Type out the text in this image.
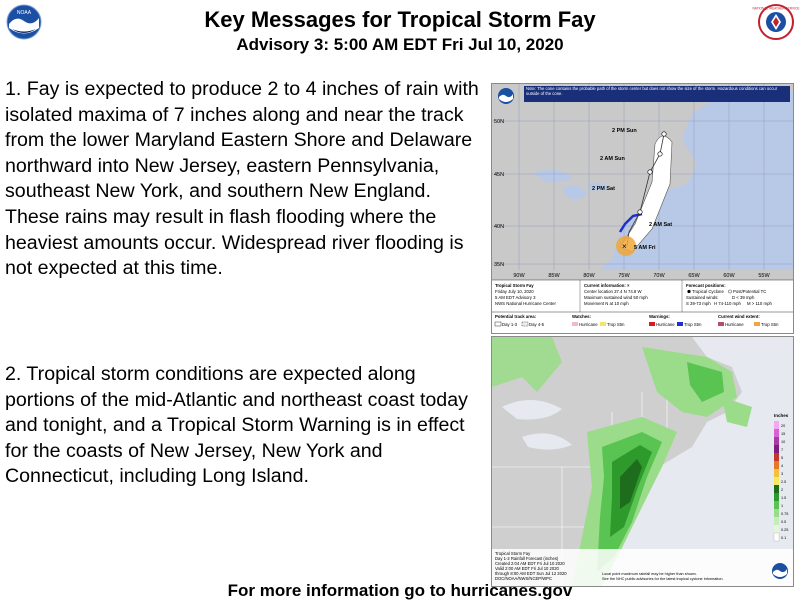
NOAA
NATIONAL WEATHER SERVICE
Key Messages for Tropical Storm Fay
Advisory 3: 5:00 AM EDT Fri Jul 10, 2020
1. Fay is expected to produce 2 to 4 inches of rain with isolated maxima of 7 inches along and near the track from the lower Maryland Eastern Shore and Delaware northward into New Jersey, eastern Pennsylvania, southeast New York, and southern New England. These rains may result in flash flooding where the heaviest amounts occur. Widespread river flooding is not expected at this time.
2. Tropical storm conditions are expected along portions of the mid-Atlantic and northeast coast today and tonight, and a Tropical Storm Warning is in effect for the coasts of New Jersey, New York and Connecticut, including Long Island.
Note: The cone contains the probable path of the storm center but does not show the size of the storm. Hazardous conditions can occur outside of the cone.
×
2 PM Sun
2 AM Sun
2 PM Sat
2 AM Sat
5 AM Fri
50N
45N
40N
35N
90W	85W	80W	75W	70W	65W	60W	55W
Tropical Storm Fay
Friday July 10, 2020
5 AM EDT Advisory 3
NWS National Hurricane Center
Current information: ×
Center location 37.4 N 74.8 W
Maximum sustained wind 50 mph
Movement N at 10 mph
Forecast positions:
Tropical Cyclone Post/Potential TC
Sustained winds:	D < 39 mph
S 39-73 mph H 74-110 mph M > 110 mph
Potential track area:
Day 1-3	Day 4-5
Watches:
Hurricane Trop Stm
Warnings:
Hurricane Trop Stm
Current wind extent:
Hurricane	Trop Stm
Inches
20
15
10
7
5
4
3
2.5
2
1.5
1
0.75
0.5
0.25
0.1
Tropical Storm Fay
Day 1-2 Rainfall Forecast (inches)
Created 2:04 AM EDT Fri Jul 10 2020
Valid 2:00 AM EDT Fri Jul 10 2020
through 8:00 AM EDT Sun Jul 12 2020
DOC/NOAA/NWS/NCEP/WPC
Local point maximum rainfall may be higher than shown.
See the NHC public advisories for the latest tropical cyclone information.
For more information go to hurricanes.gov
